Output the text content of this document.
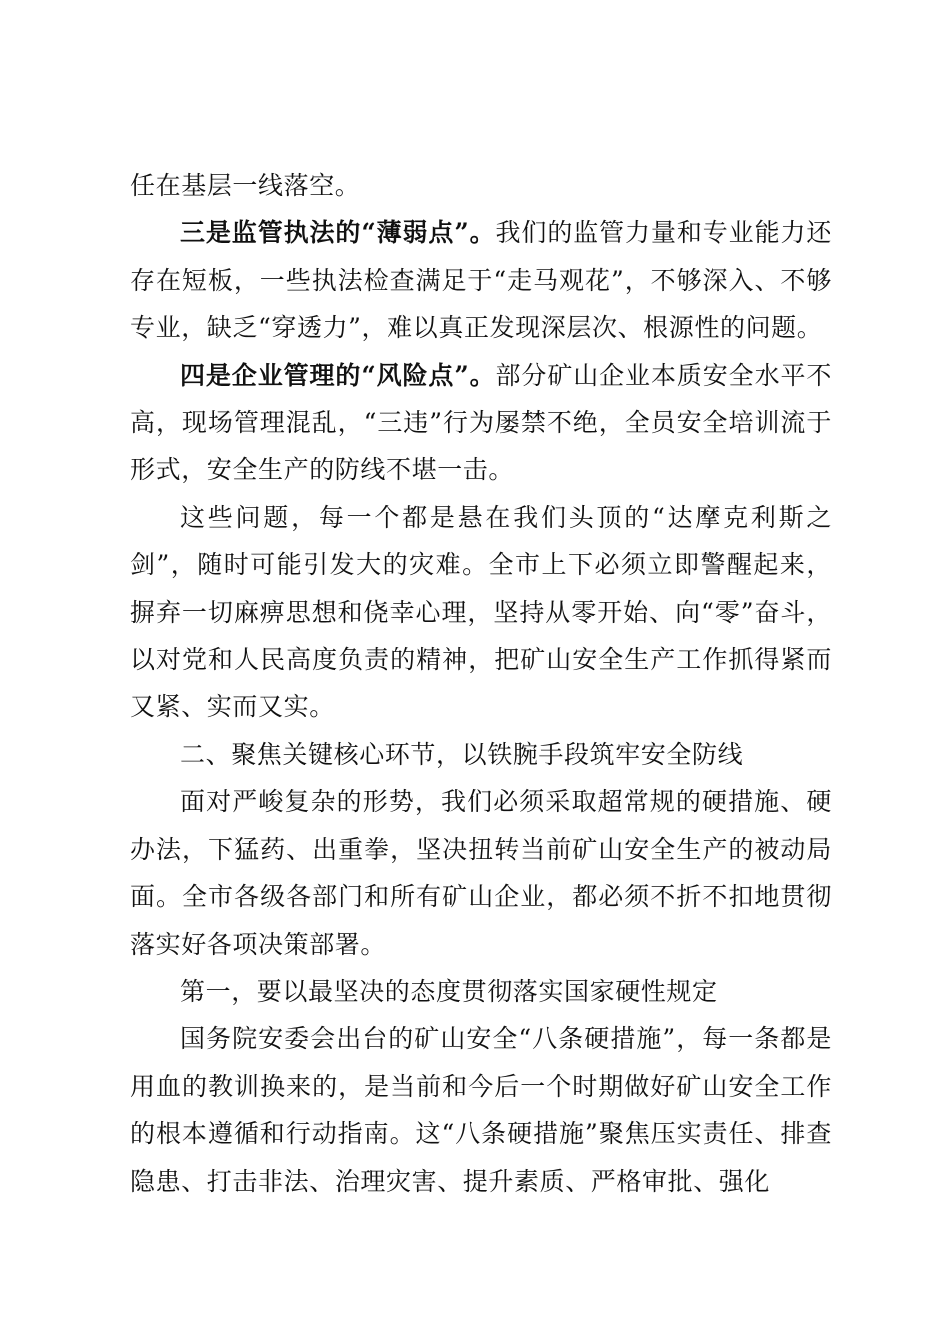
任在基层一线落空。

三是监管执法的“薄弱点”。我们的监管力量和专业能力还存在短板，一些执法检查满足于“走马观花”，不够深入、不够专业，缺乏“穿透力”，难以真正发现深层次、根源性的问题。

四是企业管理的“风险点”。部分矿山企业本质安全水平不高，现场管理混乱，“三违”行为屡禁不绝，全员安全培训流于形式，安全生产的防线不堪一击。

这些问题，每一个都是悬在我们头顶的“达摩克利斯之剑”，随时可能引发大的灾难。全市上下必须立即警醒起来，摒弃一切麻痹思想和侥幸心理，坚持从零开始、向“零”奋斗，以对党和人民高度负责的精神，把矿山安全生产工作抓得紧而又紧、实而又实。

二、聚焦关键核心环节，以铁腕手段筑牢安全防线

面对严峻复杂的形势，我们必须采取超常规的硬措施、硬办法，下猛药、出重拳，坚决扭转当前矿山安全生产的被动局面。全市各级各部门和所有矿山企业，都必须不折不扣地贯彻落实好各项决策部署。

第一，要以最坚决的态度贯彻落实国家硬性规定

国务院安委会出台的矿山安全“八条硬措施”，每一条都是用血的教训换来的，是当前和今后一个时期做好矿山安全工作的根本遵循和行动指南。这“八条硬措施”聚焦压实责任、排查隐患、打击非法、治理灾害、提升素质、严格审批、强化
